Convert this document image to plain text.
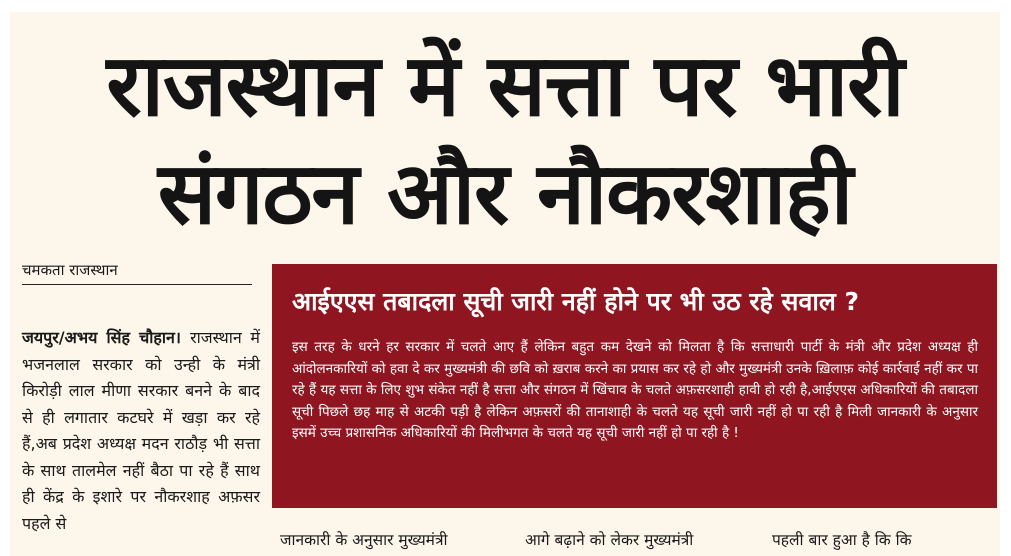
राजस्थान में सत्ता पर भारी
संगठन और नौकरशाही
चमकता राजस्थान
जयपुर/अभय सिंह चौहान। राजस्थान में भजनलाल सरकार को उन्ही के मंत्री किरोड़ी लाल मीणा सरकार बनने के बाद से ही लगातार कटघरे में खड़ा कर रहे हैं,अब प्रदेश अध्यक्ष मदन राठौड़ भी सत्ता के साथ तालमेल नहीं बैठा पा रहे हैं साथ ही केंद्र के इशारे पर नौकरशाह अफ़सर पहले से
आईएएस तबादला सूची जारी नहीं होने पर भी उठ रहे सवाल ?
इस तरह के धरने हर सरकार में चलते आए हैं लेकिन बहुत कम देखने को मिलता है कि सत्ताधारी पार्टी के मंत्री और प्रदेश अध्यक्ष ही आंदोलनकारियों को हवा दे कर मुख्यमंत्री की छवि को ख़राब करने का प्रयास कर रहे हो और मुख्यमंत्री उनके ख़िलाफ़ कोई कार्रवाई नहीं कर पा रहे हैं यह सत्ता के लिए शुभ संकेत नहीं है सत्ता और संगठन में खिंचाव के चलते अफ़सरशाही हावी हो रही है,आईएएस अधिकारियों की तबादला सूची पिछले छह माह से अटकी पड़ी है लेकिन अफ़सरों की तानाशाही के चलते यह सूची जारी नहीं हो पा रही है मिली जानकारी के अनुसार इसमें उच्च प्रशासनिक अधिकारियों की मिलीभगत के चलते यह सूची जारी नहीं हो पा रही है !
जानकारी के अनुसार मुख्यमंत्री	आगे बढ़ाने को लेकर मुख्यमंत्री	पहली बार हुआ है कि कि
